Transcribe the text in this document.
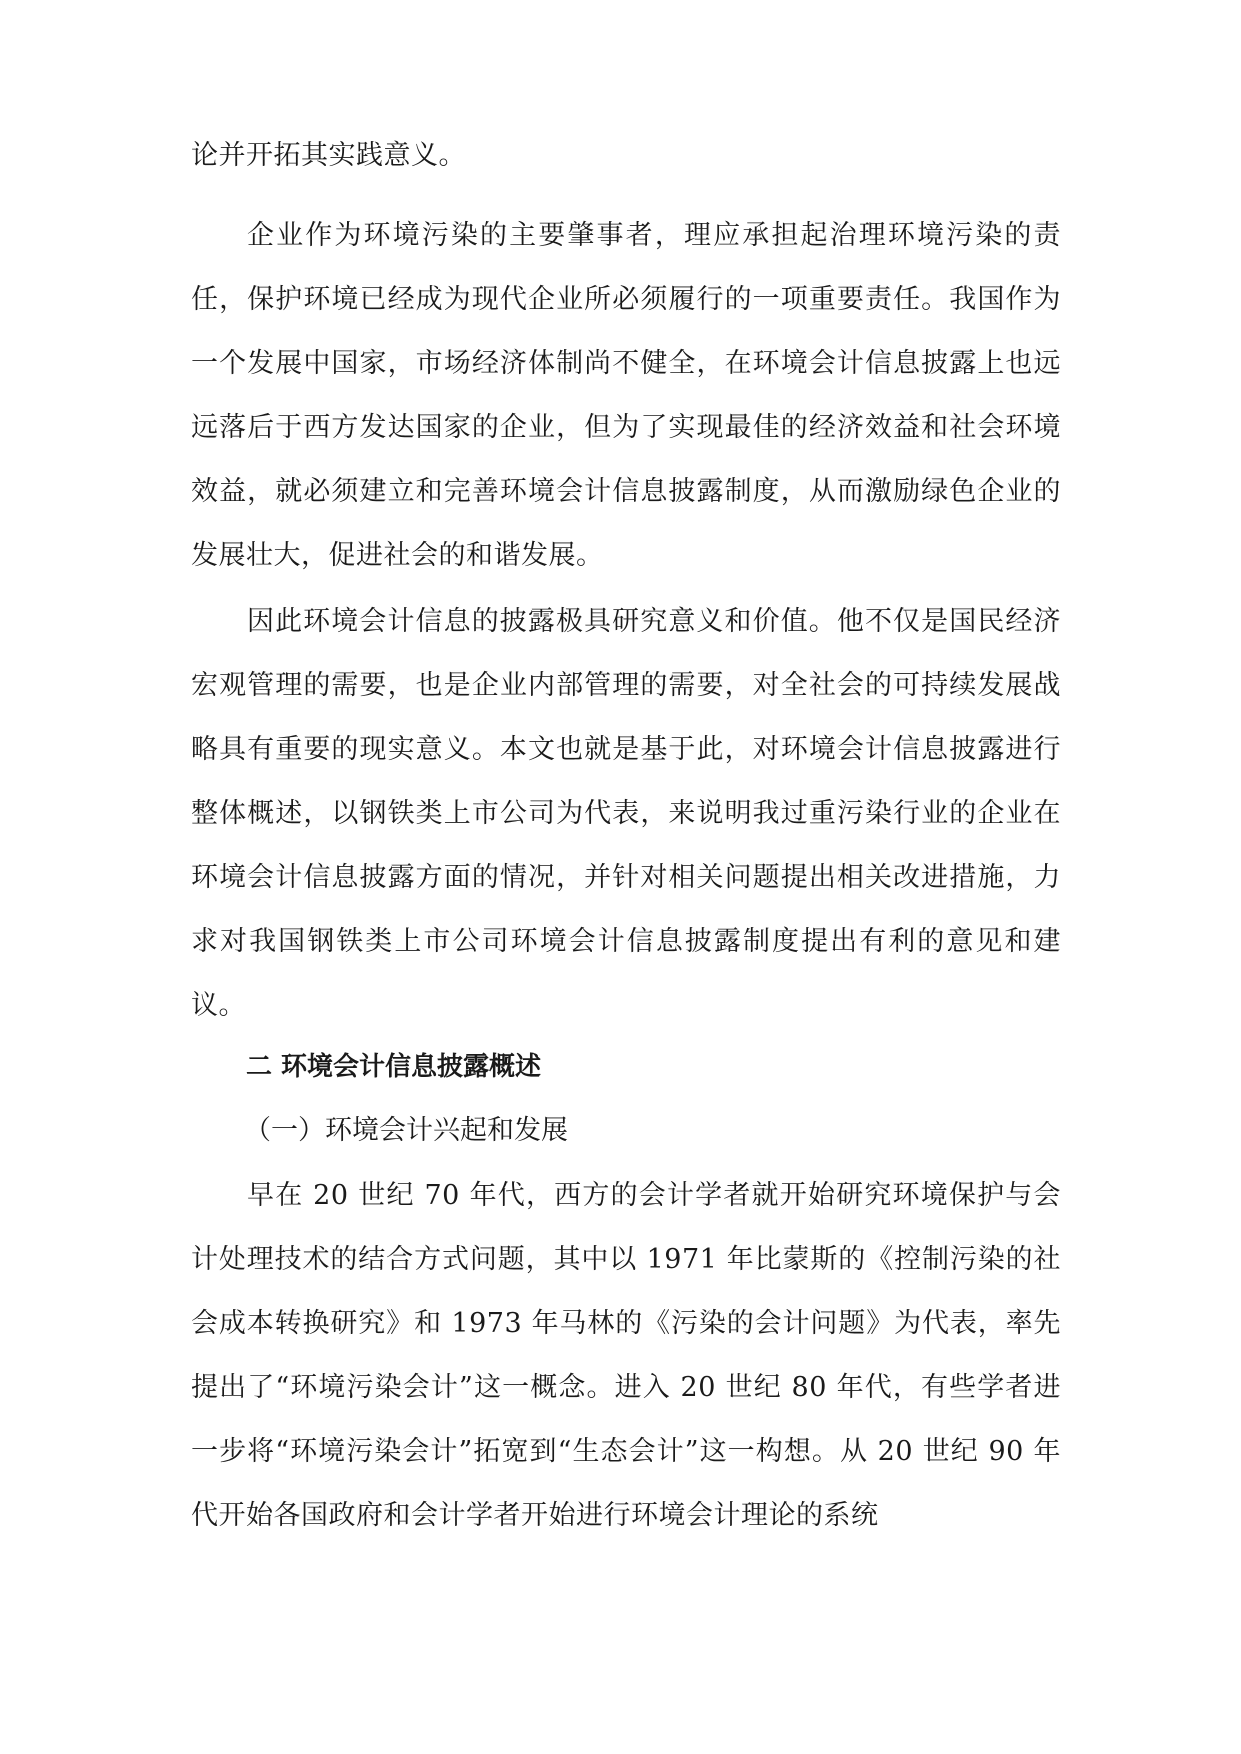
论并开拓其实践意义。

企业作为环境污染的主要肇事者，理应承担起治理环境污染的责任，保护环境已经成为现代企业所必须履行的一项重要责任。我国作为一个发展中国家，市场经济体制尚不健全，在环境会计信息披露上也远远落后于西方发达国家的企业，但为了实现最佳的经济效益和社会环境效益，就必须建立和完善环境会计信息披露制度，从而激励绿色企业的发展壮大，促进社会的和谐发展。

因此环境会计信息的披露极具研究意义和价值。他不仅是国民经济宏观管理的需要，也是企业内部管理的需要，对全社会的可持续发展战略具有重要的现实意义。本文也就是基于此，对环境会计信息披露进行整体概述，以钢铁类上市公司为代表，来说明我过重污染行业的企业在环境会计信息披露方面的情况，并针对相关问题提出相关改进措施，力求对我国钢铁类上市公司环境会计信息披露制度提出有利的意见和建议。

二 环境会计信息披露概述
（一）环境会计兴起和发展

早在 20 世纪 70 年代，西方的会计学者就开始研究环境保护与会计处理技术的结合方式问题，其中以 1971 年比蒙斯的《控制污染的社会成本转换研究》和 1973 年马林的《污染的会计问题》为代表，率先提出了“环境污染会计”这一概念。进入 20 世纪 80 年代，有些学者进一步将“环境污染会计”拓宽到“生态会计”这一构想。从 20 世纪 90 年代开始各国政府和会计学者开始进行环境会计理论的系统
